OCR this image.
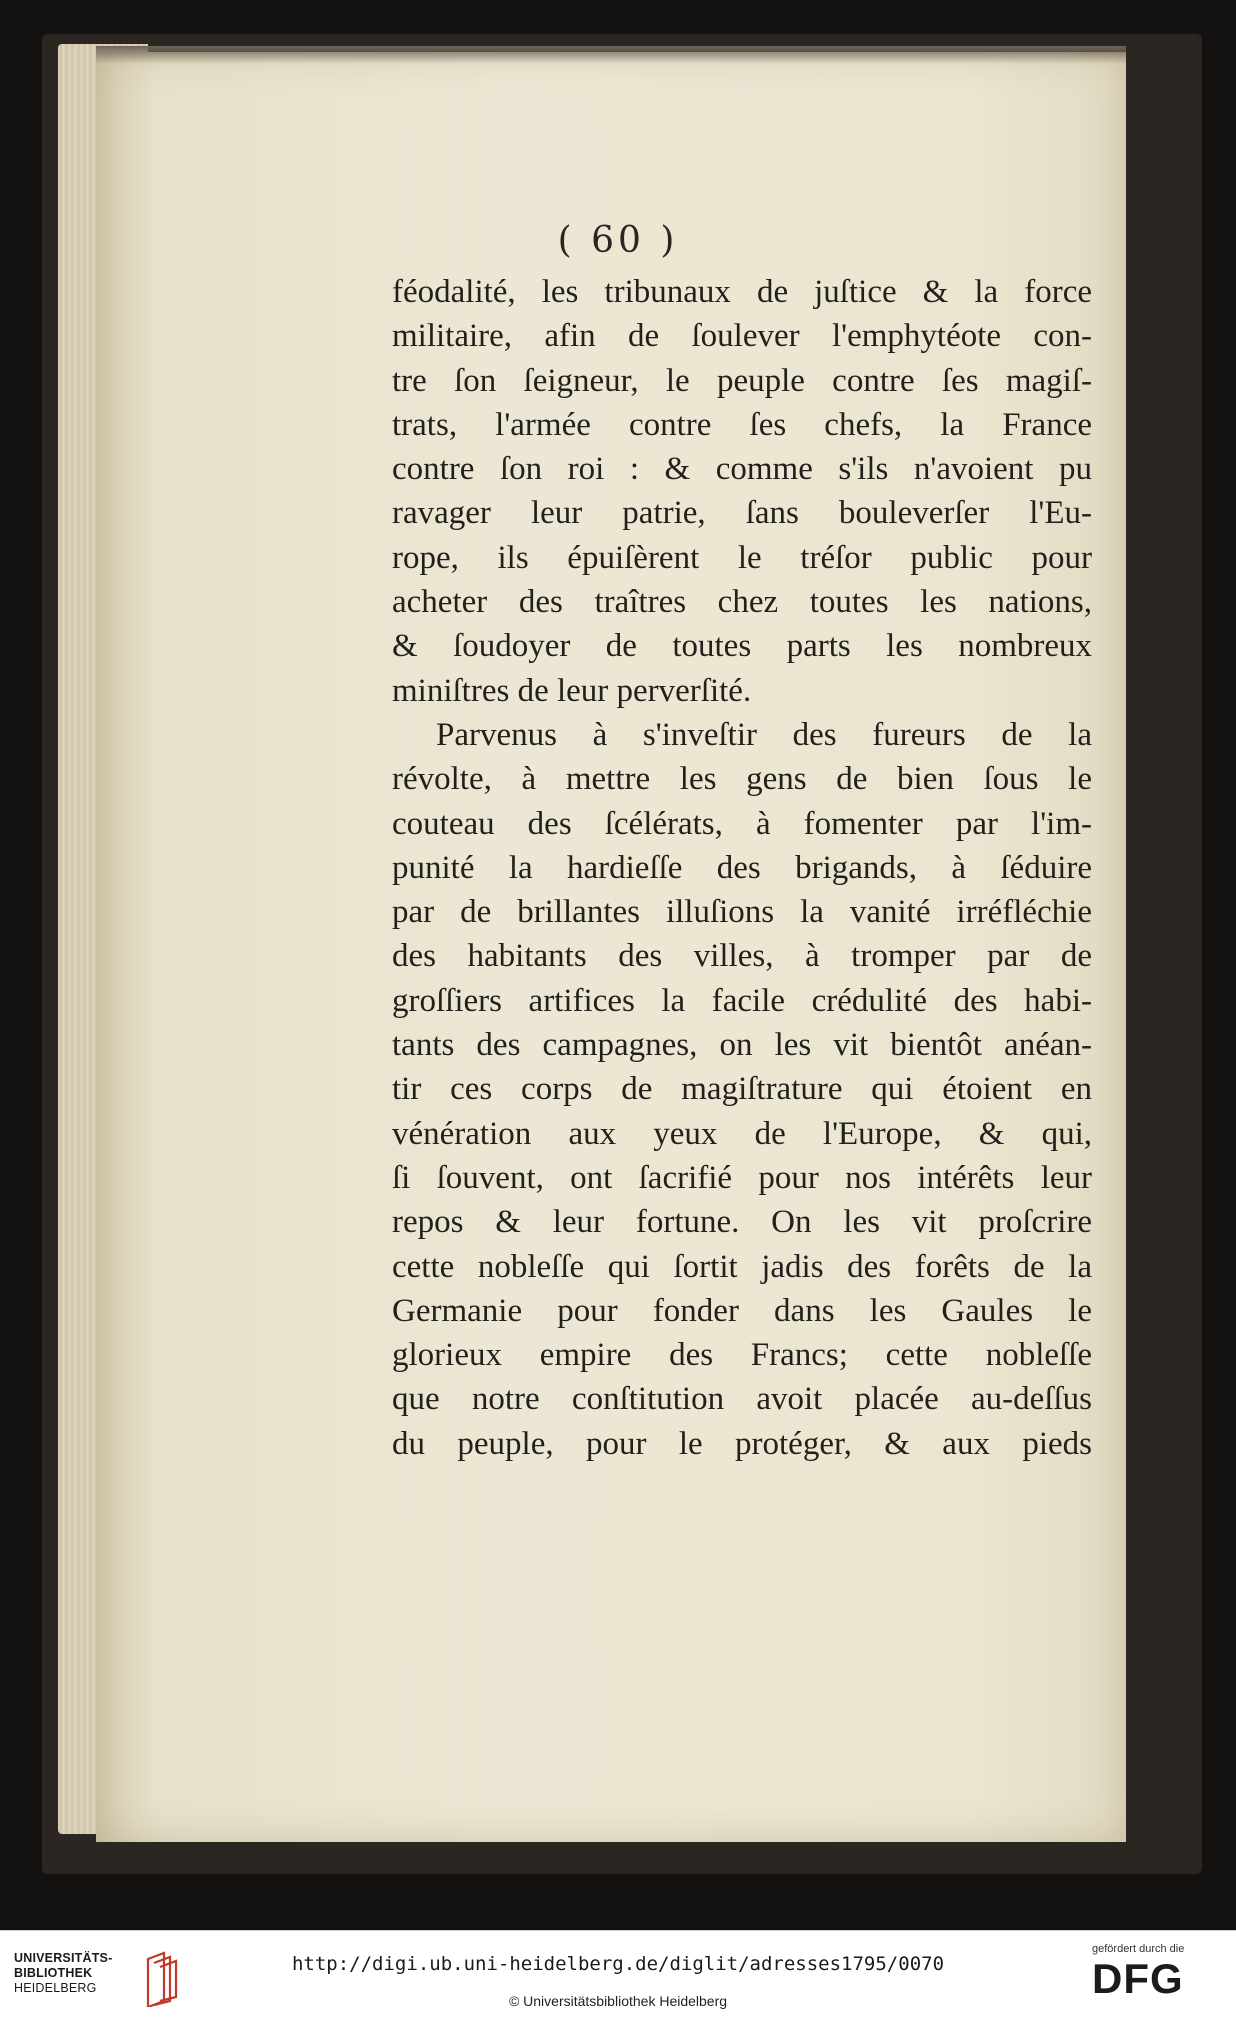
( 60 )
féodalité, les tribunaux de juſtice & la force
militaire, afin de ſoulever l'emphytéote con-
tre ſon ſeigneur, le peuple contre ſes magiſ-
trats, l'armée contre ſes chefs, la France
contre ſon roi : & comme s'ils n'avoient pu
ravager leur patrie, ſans bouleverſer l'Eu-
rope, ils épuiſèrent le tréſor public pour
acheter des traîtres chez toutes les nations,
& ſoudoyer de toutes parts les nombreux
miniſtres de leur perverſité.
Parvenus à s'inveſtir des fureurs de la
révolte, à mettre les gens de bien ſous le
couteau des ſcélérats, à fomenter par l'im-
punité la hardieſſe des brigands, à ſéduire
par de brillantes illuſions la vanité irréfléchie
des habitants des villes, à tromper par de
groſſiers artifices la facile crédulité des habi-
tants des campagnes, on les vit bientôt anéan-
tir ces corps de magiſtrature qui étoient en
vénération aux yeux de l'Europe, & qui,
ſi ſouvent, ont ſacrifié pour nos intérêts leur
repos & leur fortune. On les vit proſcrire
cette nobleſſe qui ſortit jadis des forêts de la
Germanie pour fonder dans les Gaules le
glorieux empire des Francs; cette nobleſſe
que notre conſtitution avoit placée au-deſſus
du peuple, pour le protéger, & aux pieds
UNIVERSITÄTS-
BIBLIOTHEK
HEIDELBERG
http://digi.ub.uni-heidelberg.de/diglit/adresses1795/0070
© Universitätsbibliothek Heidelberg
gefördert durch die
DFG
